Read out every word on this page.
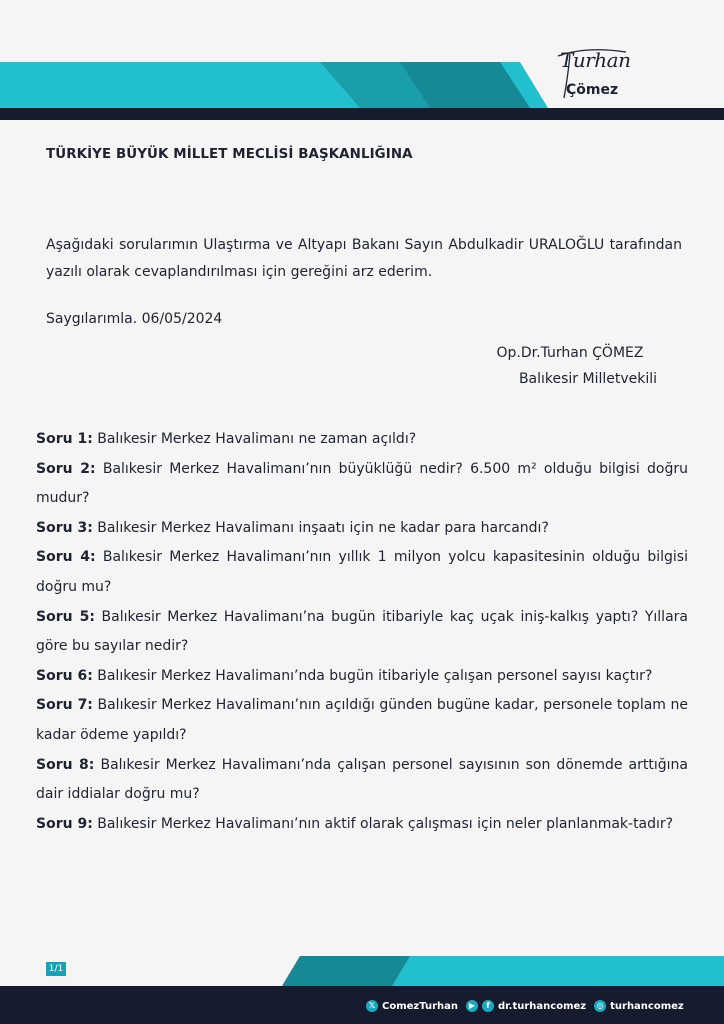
Turhan
Çömez
TÜRKİYE BÜYÜK MİLLET MECLİSİ BAŞKANLIĞINA
Aşağıdaki sorularımın Ulaştırma ve Altyapı Bakanı Sayın Abdulkadir URALOĞLU tarafından yazılı olarak cevaplandırılması için gereğini arz ederim.
Saygılarımla. 06/05/2024
Op.Dr.Turhan ÇÖMEZ
Balıkesir Milletvekili

Soru 1: Balıkesir Merkez Havalimanı ne zaman açıldı?

Soru 2: Balıkesir Merkez Havalimanı’nın büyüklüğü nedir? 6.500 m² olduğu bilgisi doğru mudur?

Soru 3: Balıkesir Merkez Havalimanı inşaatı için ne kadar para harcandı?

Soru 4: Balıkesir Merkez Havalimanı’nın yıllık 1 milyon yolcu kapasitesinin olduğu bilgisi doğru mu?

Soru 5: Balıkesir Merkez Havalimanı’na bugün itibariyle kaç uçak iniş-kalkış yaptı? Yıllara göre bu sayılar nedir?

Soru 6: Balıkesir Merkez Havalimanı’nda bugün itibariyle çalışan personel sayısı kaçtır?

Soru 7: Balıkesir Merkez Havalimanı’nın açıldığı günden bugüne kadar, personele toplam ne kadar ödeme yapıldı?

Soru 8: Balıkesir Merkez Havalimanı’nda çalışan personel sayısının son dönemde arttığına dair iddialar doğru mu?

Soru 9: Balıkesir Merkez Havalimanı’nın aktif olarak çalışması için neler planlanmak-tadır?

1/1
𝕏 ComezTurhan	▶	f dr.turhancomez	◎ turhancomez
